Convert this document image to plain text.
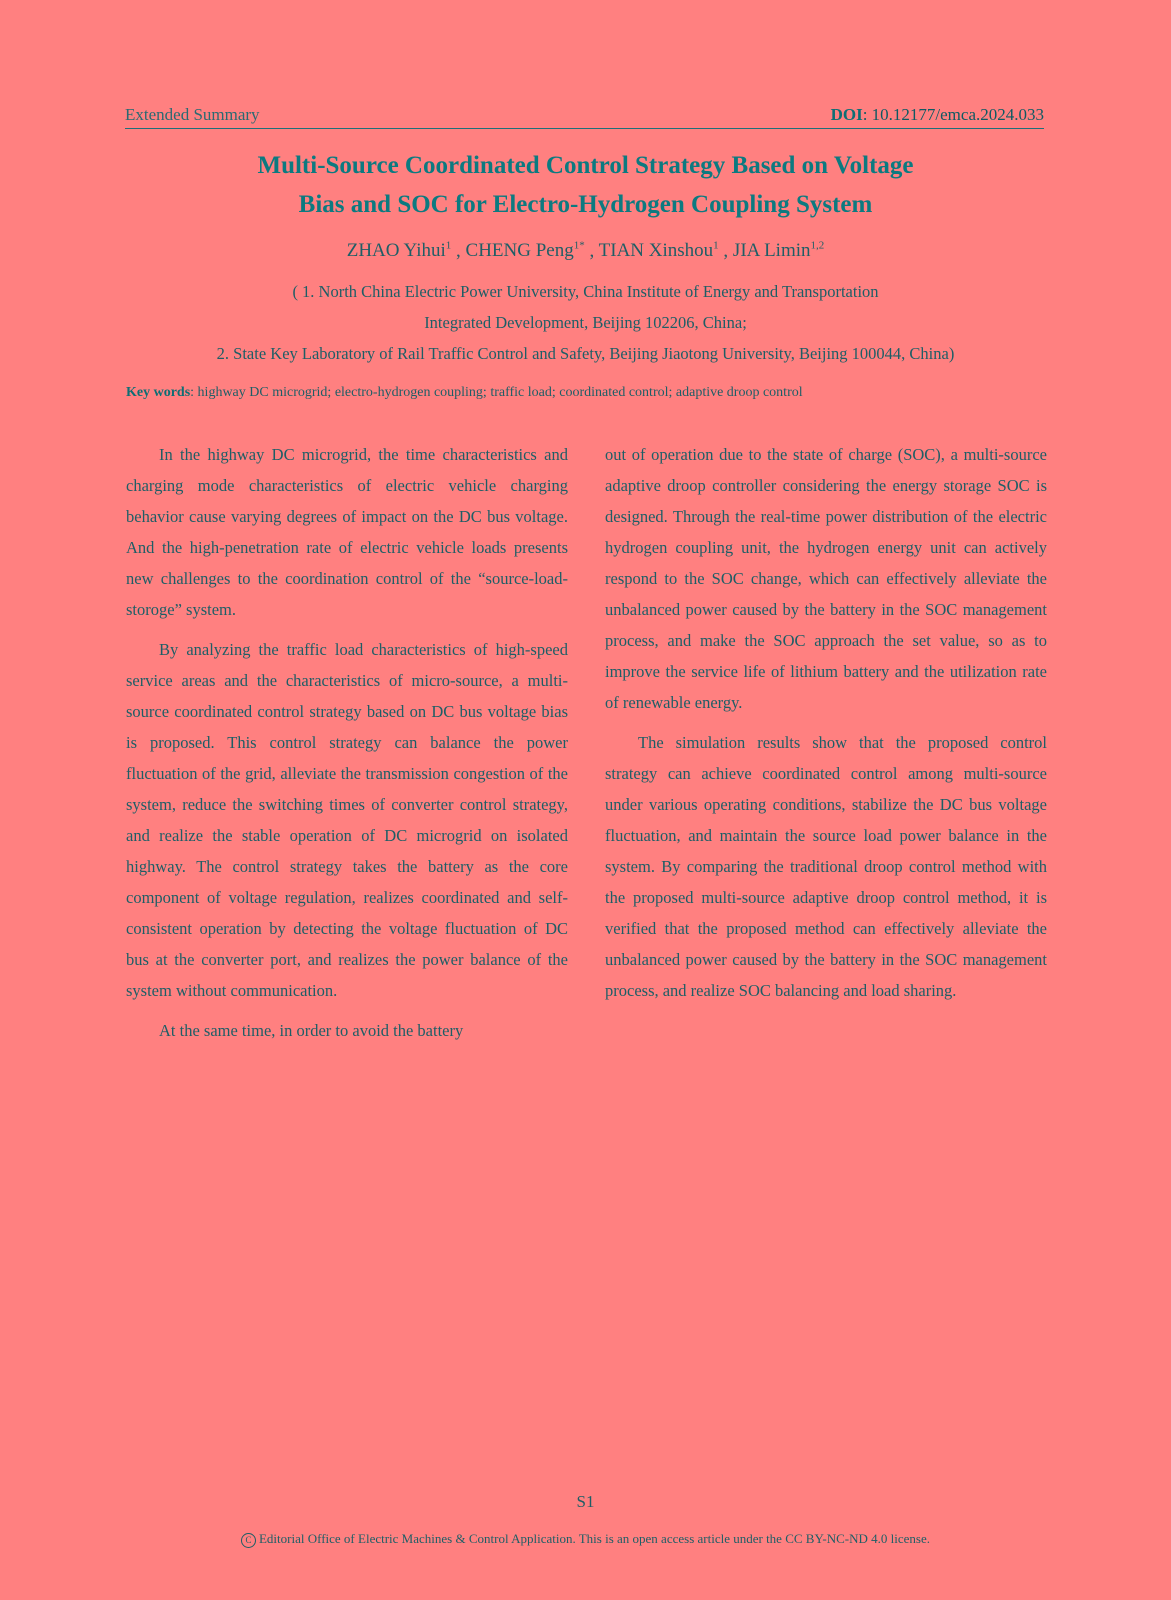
Extended Summary	DOI: 10.12177/emca.2024.033
Multi-Source Coordinated Control Strategy Based on Voltage
Bias and SOC for Electro-Hydrogen Coupling System
ZHAO Yihui$^1$ , CHENG Peng$^{1*}$ , TIAN Xinshou$^1$ , JIA Limin$^{1,2}$
( 1. North China Electric Power University, China Institute of Energy and Transportation
Integrated Development, Beijing 102206, China;
2. State Key Laboratory of Rail Traffic Control and Safety, Beijing Jiaotong University, Beijing 100044, China)
Key words: highway DC microgrid; electro-hydrogen coupling; traffic load; coordinated control; adaptive droop control

In the highway DC microgrid, the time characteristics and charging mode characteristics of electric vehicle charging behavior cause varying degrees of impact on the DC bus voltage. And the high-penetration rate of electric vehicle loads presents new challenges to the coordination control of the “source-load-storoge” system.

By analyzing the traffic load characteristics of high-speed service areas and the characteristics of micro-source, a multi-source coordinated control strategy based on DC bus voltage bias is proposed. This control strategy can balance the power fluctuation of the grid, alleviate the transmission congestion of the system, reduce the switching times of converter control strategy, and realize the stable operation of DC microgrid on isolated highway. The control strategy takes the battery as the core component of voltage regulation, realizes coordinated and self-consistent operation by detecting the voltage fluctuation of DC bus at the converter port, and realizes the power balance of the system without communication.

At the same time, in order to avoid the battery

out of operation due to the state of charge (SOC), a multi-source adaptive droop controller considering the energy storage SOC is designed. Through the real-time power distribution of the electric hydrogen coupling unit, the hydrogen energy unit can actively respond to the SOC change, which can effectively alleviate the unbalanced power caused by the battery in the SOC management process, and make the SOC approach the set value, so as to improve the service life of lithium battery and the utilization rate of renewable energy.

The simulation results show that the proposed control strategy can achieve coordinated control among multi-source under various operating conditions, stabilize the DC bus voltage fluctuation, and maintain the source load power balance in the system. By comparing the traditional droop control method with the proposed multi-source adaptive droop control method, it is verified that the proposed method can effectively alleviate the unbalanced power caused by the battery in the SOC management process, and realize SOC balancing and load sharing.

S1
C Editorial Office of Electric Machines & Control Application. This is an open access article under the CC BY-NC-ND 4.0 license.
